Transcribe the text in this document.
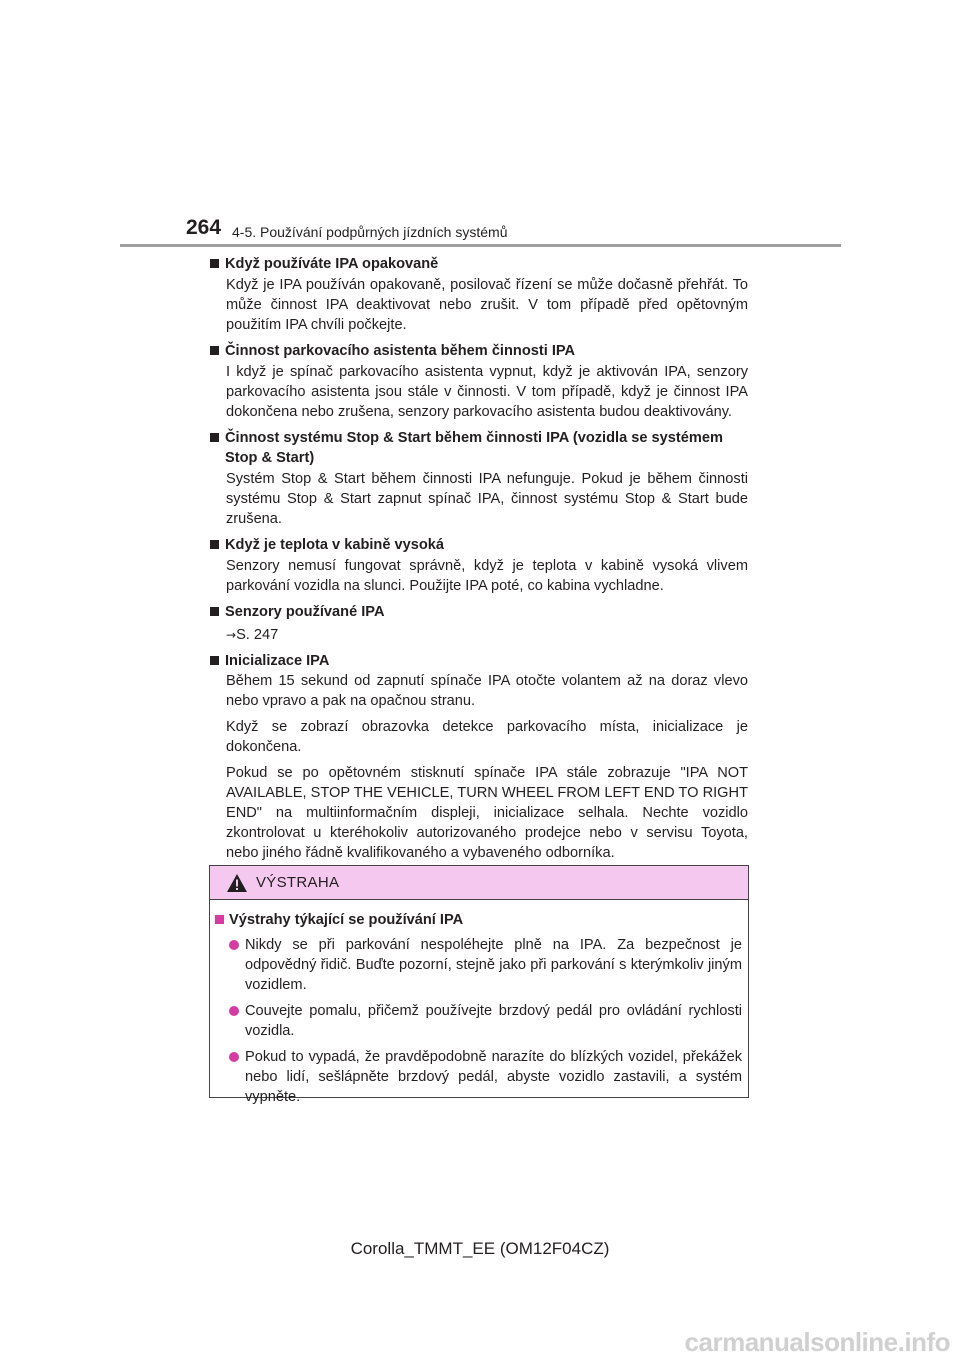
264 4-5. Používání podpůrných jízdních systémů
Když používáte IPA opakovaně
Když je IPA používán opakovaně, posilovač řízení se může dočasně přehřát. To může činnost IPA deaktivovat nebo zrušit. V tom případě před opětovným použitím IPA chvíli počkejte.
Činnost parkovacího asistenta během činnosti IPA
I když je spínač parkovacího asistenta vypnut, když je aktivován IPA, senzory parkovacího asistenta jsou stále v činnosti. V tom případě, když je činnost IPA dokončena nebo zrušena, senzory parkovacího asistenta budou deaktivovány.
Činnost systému Stop & Start během činnosti IPA (vozidla se systémem Stop & Start)
Systém Stop & Start během činnosti IPA nefunguje. Pokud je během činnosti systému Stop & Start zapnut spínač IPA, činnost systému Stop & Start bude zrušena.
Když je teplota v kabině vysoká
Senzory nemusí fungovat správně, když je teplota v kabině vysoká vlivem parkování vozidla na slunci. Použijte IPA poté, co kabina vychladne.
Senzory používané IPA
→S. 247
Inicializace IPA
Během 15 sekund od zapnutí spínače IPA otočte volantem až na doraz vlevo nebo vpravo a pak na opačnou stranu.
Když se zobrazí obrazovka detekce parkovacího místa, inicializace je dokončena.
Pokud se po opětovném stisknutí spínače IPA stále zobrazuje "IPA NOT AVAILABLE, STOP THE VEHICLE, TURN WHEEL FROM LEFT END TO RIGHT END" na multiinformačním displeji, inicializace selhala. Nechte vozidlo zkontrolovat u kteréhokoliv autorizovaného prodejce nebo v servisu Toyota, nebo jiného řádně kvalifikovaného a vybaveného odborníka.
VÝSTRAHA
Výstrahy týkající se používání IPA
Nikdy se při parkování nespoléhejte plně na IPA. Za bezpečnost je odpovědný řidič. Buďte pozorní, stejně jako při parkování s kterýmkoliv jiným vozidlem.
Couvejte pomalu, přičemž používejte brzdový pedál pro ovládání rychlosti vozidla.
Pokud to vypadá, že pravděpodobně narazíte do blízkých vozidel, překážek nebo lidí, sešlápněte brzdový pedál, abyste vozidlo zastavili, a systém vypněte.
Corolla_TMMT_EE (OM12F04CZ)
carmanualsonline.info
